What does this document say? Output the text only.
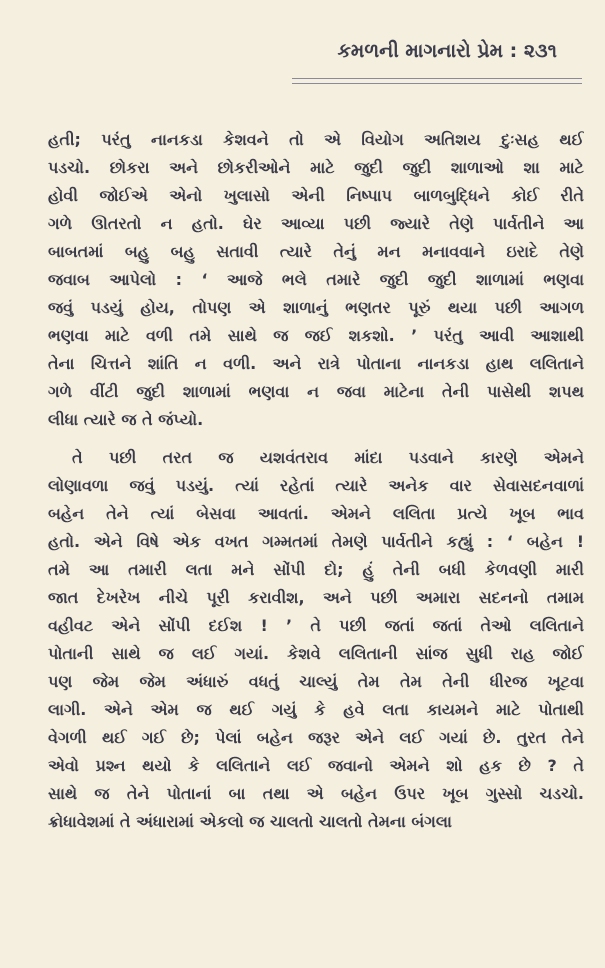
કમળની માગનારો પ્રેમ : ૨૩૧
હતી; પરંતુ નાનકડા કેશવને તો એ વિયોગ અતિશય દુઃસહ થઈ
પડચો. છોકરા અને છોકરીઓને માટે જુદી જુદી શાળાઓ શા માટે
હોવી જોઈએ એનો ખુલાસો એની નિષ્પાપ બાળબુદ્ધિને કોઈ રીતે
ગળે ઊતરતો ન હતો. ઘેર આવ્યા પછી જ્યારે તેણે પાર્વતીને આ
બાબતમાં બહુ બહુ સતાવી ત્યારે તેનું મન મનાવવાને ઇરાદે તેણે
જવાબ આપેલો : ‘ આજે ભલે તમારે જુદી જુદી શાળામાં ભણવા
જવું પડયું હોય, તોપણ એ શાળાનું ભણતર પૂરું થયા પછી આગળ
ભણવા માટે વળી તમે સાથે જ જઈ શકશો. ’ પરંતુ આવી આશાથી
તેના ચિત્તને શાંતિ ન વળી. અને રાત્રે પોતાના નાનકડા હાથ લલિતાને
ગળે વીંટી જુદી શાળામાં ભણવા ન જવા માટેના તેની પાસેથી શપથ
લીધા ત્યારે જ તે જંપ્યો.
તે પછી તરત જ યશવંતરાવ માંદા પડવાને કારણે એમને
લોણાવળા જવું પડયું. ત્યાં રહેતાં ત્યારે અનેક વાર સેવાસદનવાળાં
બહેન તેને ત્યાં બેસવા આવતાં. એમને લલિતા પ્રત્યે ખૂબ ભાવ
હતો. એને વિષે એક વખત ગમ્મતમાં તેમણે પાર્વતીને કહ્યું : ‘ બહેન !
તમે આ તમારી લતા મને સોંપી દો; હું તેની બધી કેળવણી મારી
જાત દેખરેખ નીચે પૂરી કરાવીશ, અને પછી અમારા સદનનો તમામ
વહીવટ એને સોંપી દઈશ ! ’ તે પછી જતાં જતાં તેઓ લલિતાને
પોતાની સાથે જ લઈ ગયાં. કેશવે લલિતાની સાંજ સુધી રાહ જોઈ
પણ જેમ જેમ અંધારું વધતું ચાલ્યું તેમ તેમ તેની ધીરજ ખૂટવા
લાગી. એને એમ જ થઈ ગયું કે હવે લતા કાયમને માટે પોતાથી
વેગળી થઈ ગઈ છે; પેલાં બહેન જરૂર એને લઈ ગયાં છે. તુરત તેને
એવો પ્રશ્ન થયો કે લલિતાને લઈ જવાનો એમને શો હક છે ? તે
સાથે જ તેને પોતાનાં બા તથા એ બહેન ઉપર ખૂબ ગુસ્સો ચડચો.
ક્રોધાવેશમાં તે અંધારામાં એકલો જ ચાલતો ચાલતો તેમના બંગલા
